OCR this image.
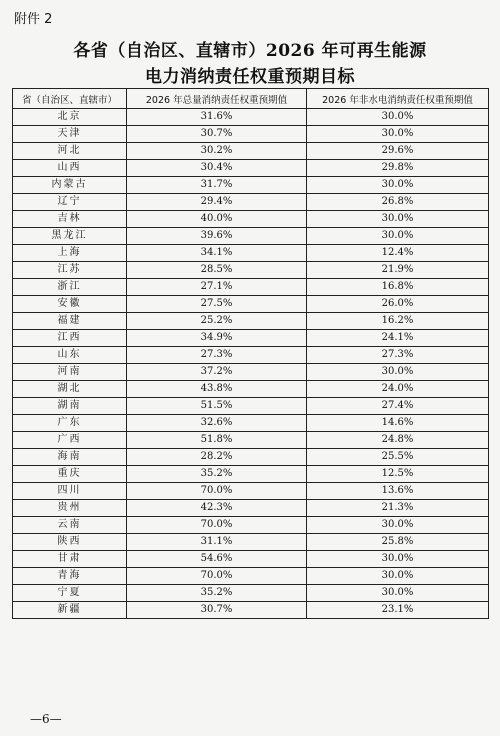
附件 2
各省（自治区、直辖市）2026 年可再生能源
电力消纳责任权重预期目标
省（自治区、直辖市）	2026 年总量消纳责任权重预期值	2026 年非水电消纳责任权重预期值
北京	31.6%	30.0%
天津	30.7%	30.0%
河北	30.2%	29.6%
山西	30.4%	29.8%
内蒙古	31.7%	30.0%
辽宁	29.4%	26.8%
吉林	40.0%	30.0%
黑龙江	39.6%	30.0%
上海	34.1%	12.4%
江苏	28.5%	21.9%
浙江	27.1%	16.8%
安徽	27.5%	26.0%
福建	25.2%	16.2%
江西	34.9%	24.1%
山东	27.3%	27.3%
河南	37.2%	30.0%
湖北	43.8%	24.0%
湖南	51.5%	27.4%
广东	32.6%	14.6%
广西	51.8%	24.8%
海南	28.2%	25.5%
重庆	35.2%	12.5%
四川	70.0%	13.6%
贵州	42.3%	21.3%
云南	70.0%	30.0%
陕西	31.1%	25.8%
甘肃	54.6%	30.0%
青海	70.0%	30.0%
宁夏	35.2%	30.0%
新疆	30.7%	23.1%
—6—
